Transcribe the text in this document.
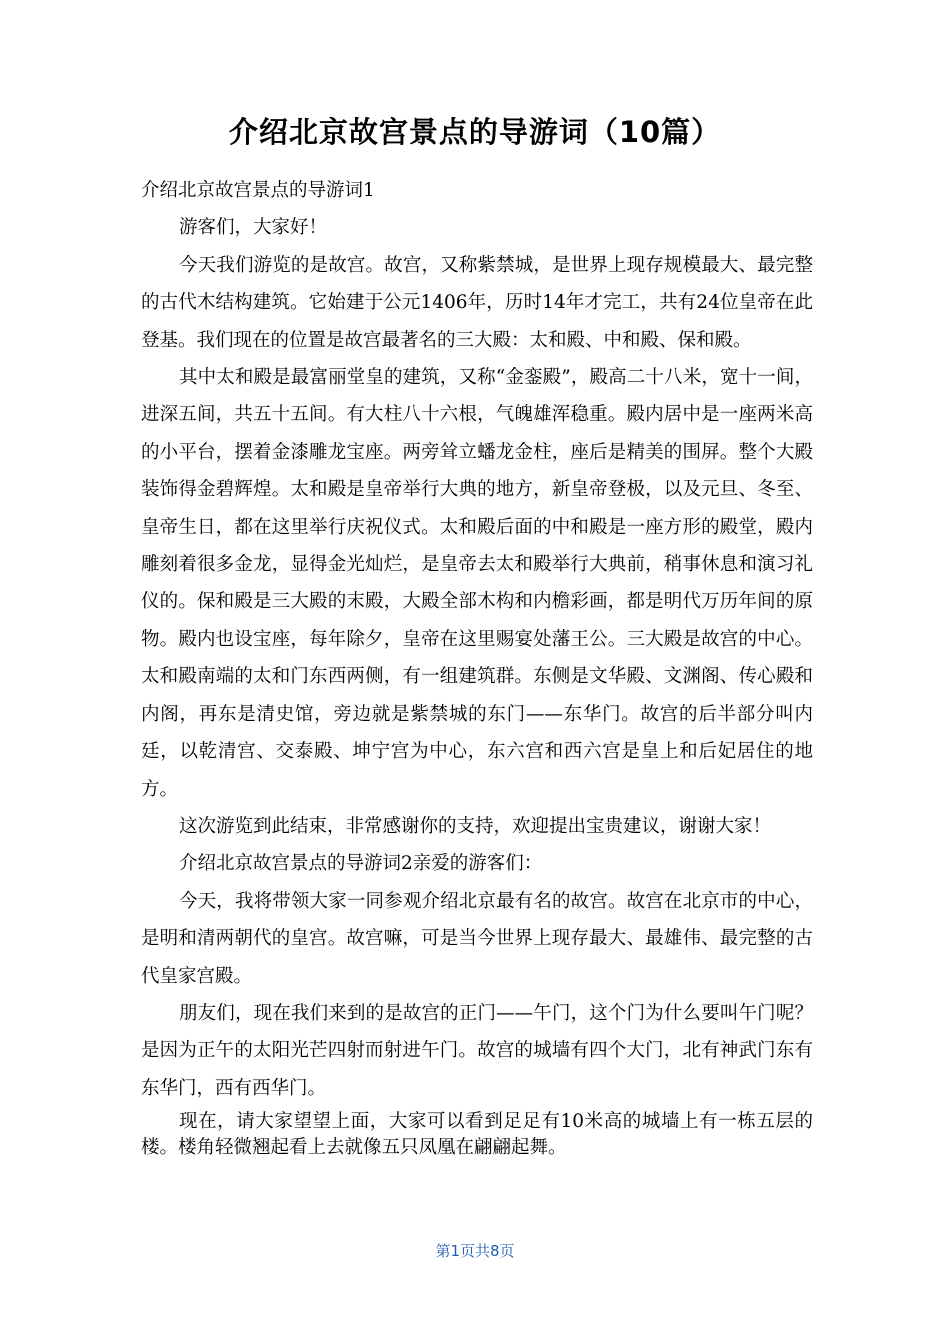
介绍北京故宫景点的导游词（10篇）

介绍北京故宫景点的导游词1

游客们，大家好！

今天我们游览的是故宫。故宫，又称紫禁城，是世界上现存规模最大、最完整的古代木结构建筑。它始建于公元1406年，历时14年才完工，共有24位皇帝在此登基。我们现在的位置是故宫最著名的三大殿：太和殿、中和殿、保和殿。

其中太和殿是最富丽堂皇的建筑，又称“金銮殿”，殿高二十八米，宽十一间，进深五间，共五十五间。有大柱八十六根，气魄雄浑稳重。殿内居中是一座两米高的小平台，摆着金漆雕龙宝座。两旁耸立蟠龙金柱，座后是精美的围屏。整个大殿装饰得金碧辉煌。太和殿是皇帝举行大典的地方，新皇帝登极，以及元旦、冬至、皇帝生日，都在这里举行庆祝仪式。太和殿后面的中和殿是一座方形的殿堂，殿内雕刻着很多金龙，显得金光灿烂，是皇帝去太和殿举行大典前，稍事休息和演习礼仪的。保和殿是三大殿的末殿，大殿全部木构和内檐彩画，都是明代万历年间的原物。殿内也设宝座，每年除夕，皇帝在这里赐宴处藩王公。三大殿是故宫的中心。太和殿南端的太和门东西两侧，有一组建筑群。东侧是文华殿、文渊阁、传心殿和内阁，再东是清史馆，旁边就是紫禁城的东门——东华门。故宫的后半部分叫内廷，以乾清宫、交泰殿、坤宁宫为中心，东六宫和西六宫是皇上和后妃居住的地方。

这次游览到此结束，非常感谢你的支持，欢迎提出宝贵建议，谢谢大家！

介绍北京故宫景点的导游词2亲爱的游客们：

今天，我将带领大家一同参观介绍北京最有名的故宫。故宫在北京市的中心，是明和清两朝代的皇宫。故宫嘛，可是当今世界上现存最大、最雄伟、最完整的古代皇家宫殿。

朋友们，现在我们来到的是故宫的正门——午门，这个门为什么要叫午门呢？是因为正午的太阳光芒四射而射进午门。故宫的城墙有四个大门，北有神武门东有东华门，西有西华门。

现在，请大家望望上面，大家可以看到足足有10米高的城墙上有一栋五层的楼。楼角轻微翘起看上去就像五只凤凰在翩翩起舞。

第1页共8页
